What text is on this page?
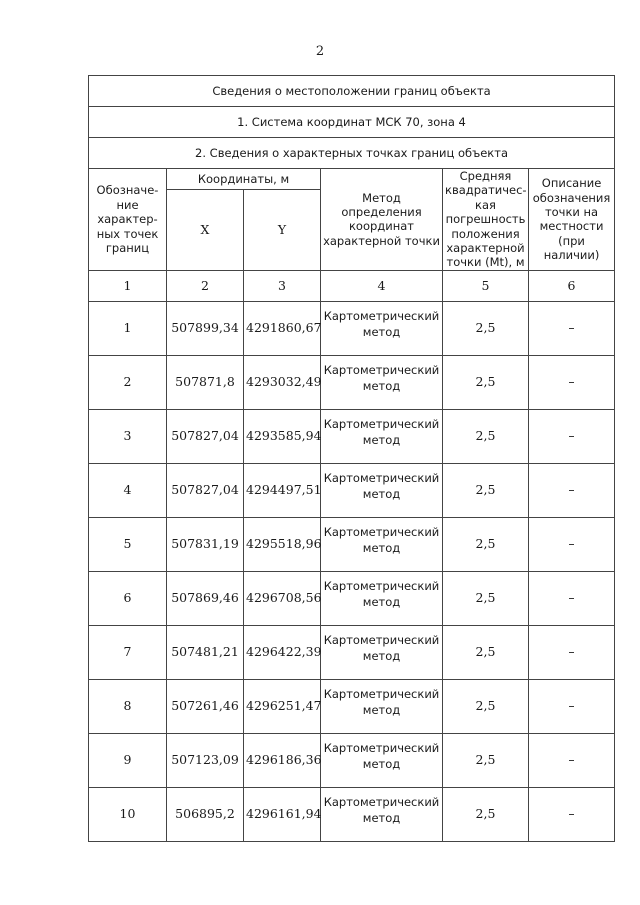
2
Сведения о местоположении границ объекта					
1. Система координат МСК 70, зона 4					
2. Сведения о характерных точках границ объекта					
Обозначе-ние характер-ных точек границ	Координаты, м		Метод определения координат характерной точки	Средняя квадратичес-кая погрешность положения характерной точки (Mt), м	Описание обозначения точки на местности (при наличии)
	X	Y			
1	2	3	4	5	6
1	507899,34	4291860,67	Картометрический метод	2,5	–
2	507871,8	4293032,49	Картометрический метод	2,5	–
3	507827,04	4293585,94	Картометрический метод	2,5	–
4	507827,04	4294497,51	Картометрический метод	2,5	–
5	507831,19	4295518,96	Картометрический метод	2,5	–
6	507869,46	4296708,56	Картометрический метод	2,5	–
7	507481,21	4296422,39	Картометрический метод	2,5	–
8	507261,46	4296251,47	Картометрический метод	2,5	–
9	507123,09	4296186,36	Картометрический метод	2,5	–
10	506895,2	4296161,94	Картометрический метод	2,5	–
